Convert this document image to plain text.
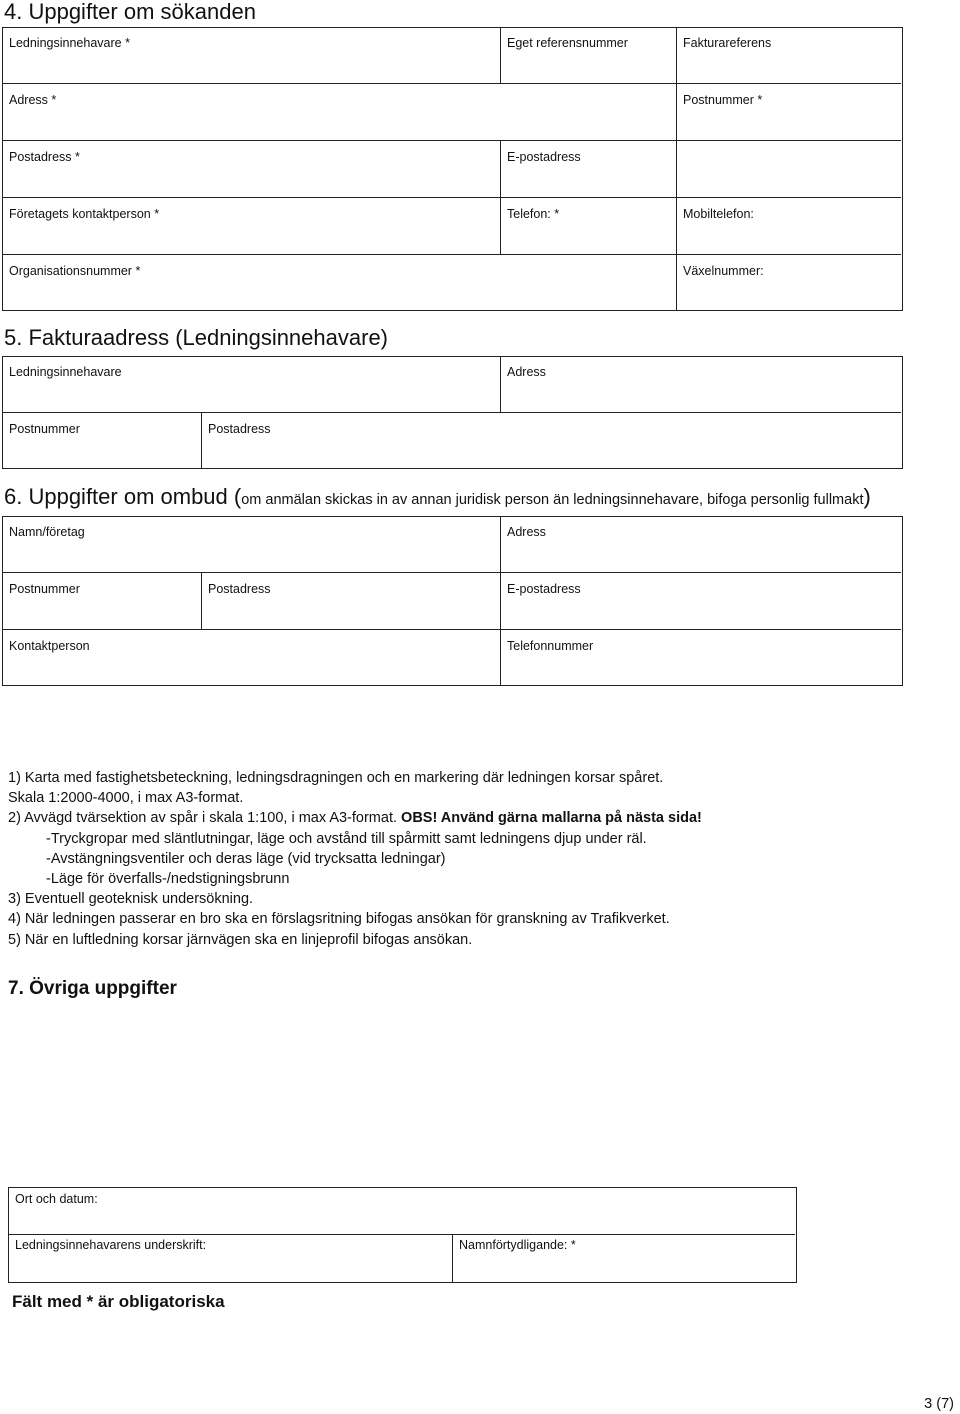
4. Uppgifter om sökanden
Ledningsinnehavare *	Eget referensnummer	Fakturareferens
Adress *	Postnummer *
Postadress *	E-postadress
Företagets kontaktperson *	Telefon: *	Mobiltelefon:
Organisationsnummer *	Växelnummer:
5. Fakturaadress (Ledningsinnehavare)
Ledningsinnehavare	Adress
Postnummer	Postadress
6. Uppgifter om ombud (om anmälan skickas in av annan juridisk person än ledningsinnehavare, bifoga personlig fullmakt)
Namn/företag	Adress
Postnummer	Postadress	E-postadress
Kontaktperson	Telefonnummer
1) Karta med fastighetsbeteckning, ledningsdragningen och en markering där ledningen korsar spåret.
Skala 1:2000-4000, i max A3-format.
2) Avvägd tvärsektion av spår i skala 1:100, i max A3-format. OBS! Använd gärna mallarna på nästa sida!
-Tryckgropar med släntlutningar, läge och avstånd till spårmitt samt ledningens djup under räl.
-Avstängningsventiler och deras läge (vid trycksatta ledningar)
-Läge för överfalls-/nedstigningsbrunn
3) Eventuell geoteknisk undersökning.
4) När ledningen passerar en bro ska en förslagsritning bifogas ansökan för granskning av Trafikverket.
5) När en luftledning korsar järnvägen ska en linjeprofil bifogas ansökan.
7. Övriga uppgifter
Ort och datum:
Ledningsinnehavarens underskrift:	Namnförtydligande: *
Fält med * är obligatoriska
3 (7)
